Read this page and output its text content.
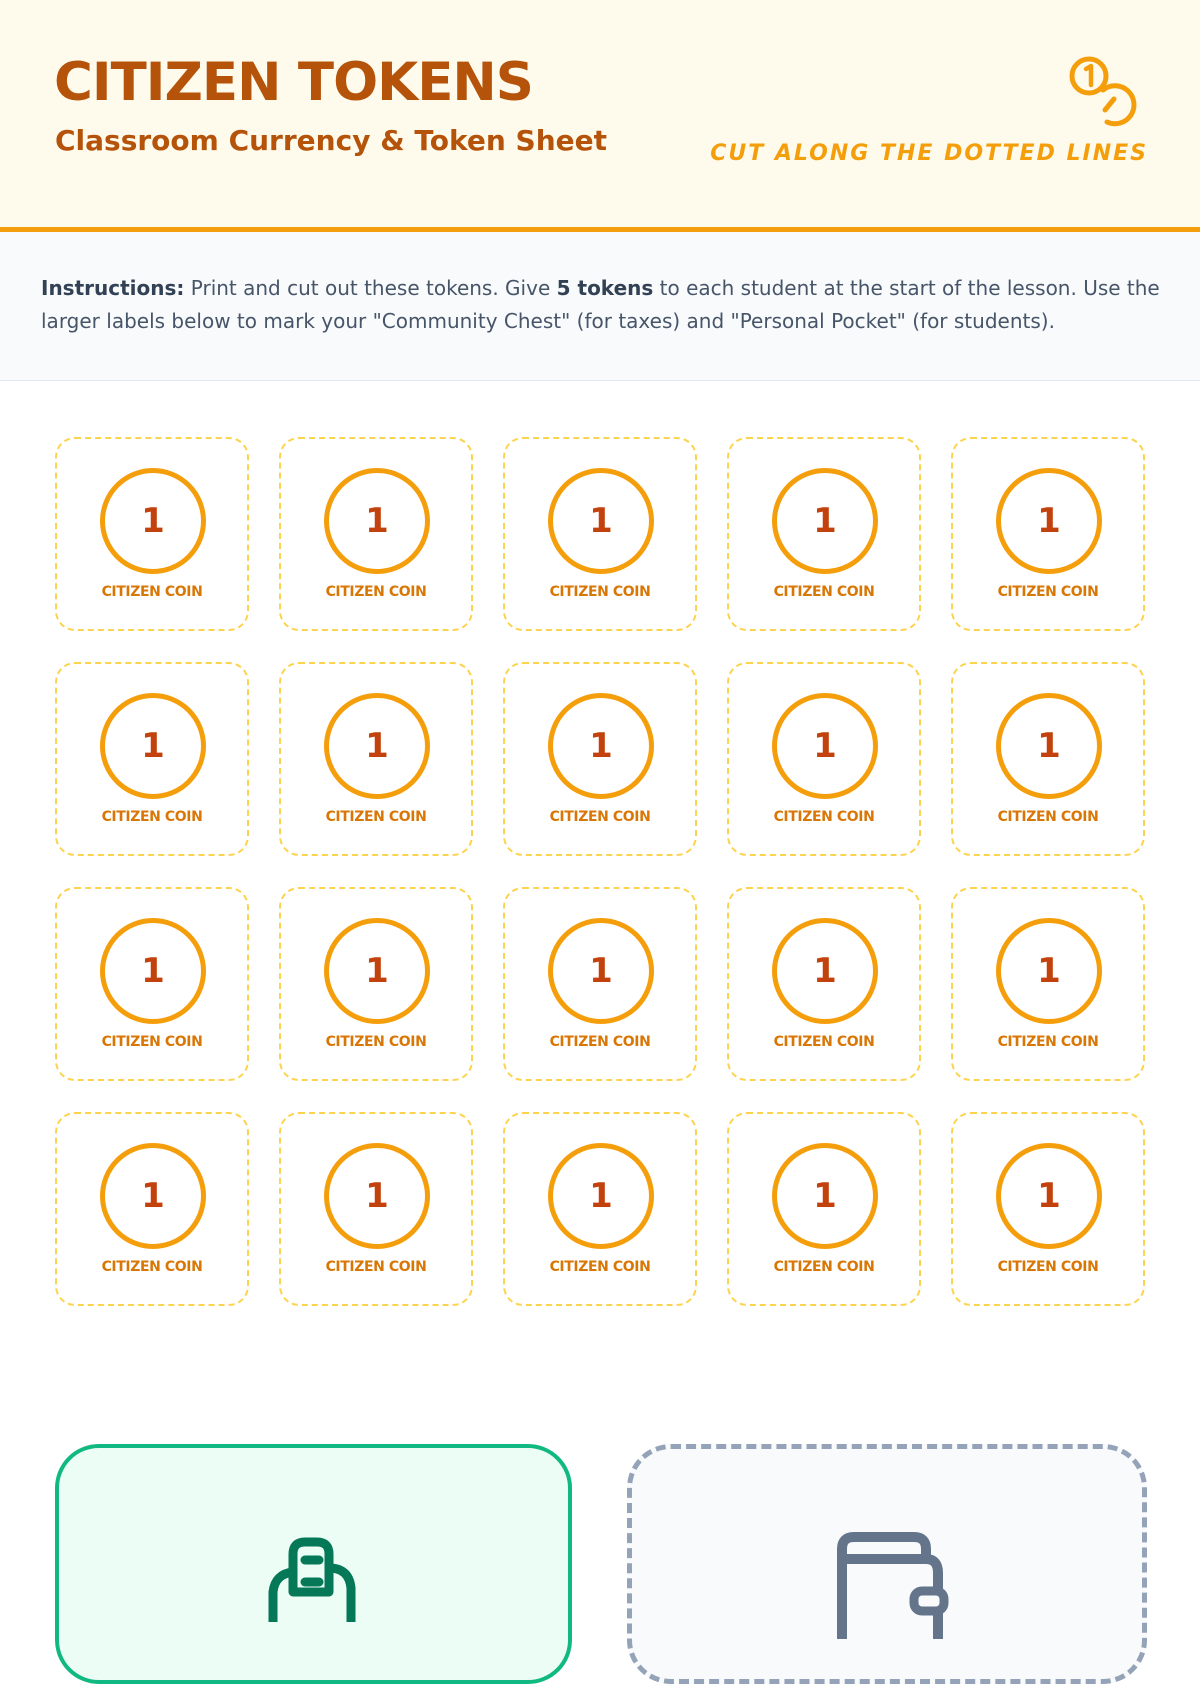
CITIZEN TOKENS
Classroom Currency & Token Sheet	CUT ALONG THE DOTTED LINES

Instructions: Print and cut out these tokens. Give 5 tokens to each student at the start of the lesson. Use the larger labels below to mark your "Community Chest" (for taxes) and "Personal Pocket" (for students).

1
CITIZEN COIN
1
CITIZEN COIN
1
CITIZEN COIN
1
CITIZEN COIN
1
CITIZEN COIN
1
CITIZEN COIN
1
CITIZEN COIN
1
CITIZEN COIN
1
CITIZEN COIN
1
CITIZEN COIN
1
CITIZEN COIN
1
CITIZEN COIN
1
CITIZEN COIN
1
CITIZEN COIN
1
CITIZEN COIN
1
CITIZEN COIN
1
CITIZEN COIN
1
CITIZEN COIN
1
CITIZEN COIN
1
CITIZEN COIN
